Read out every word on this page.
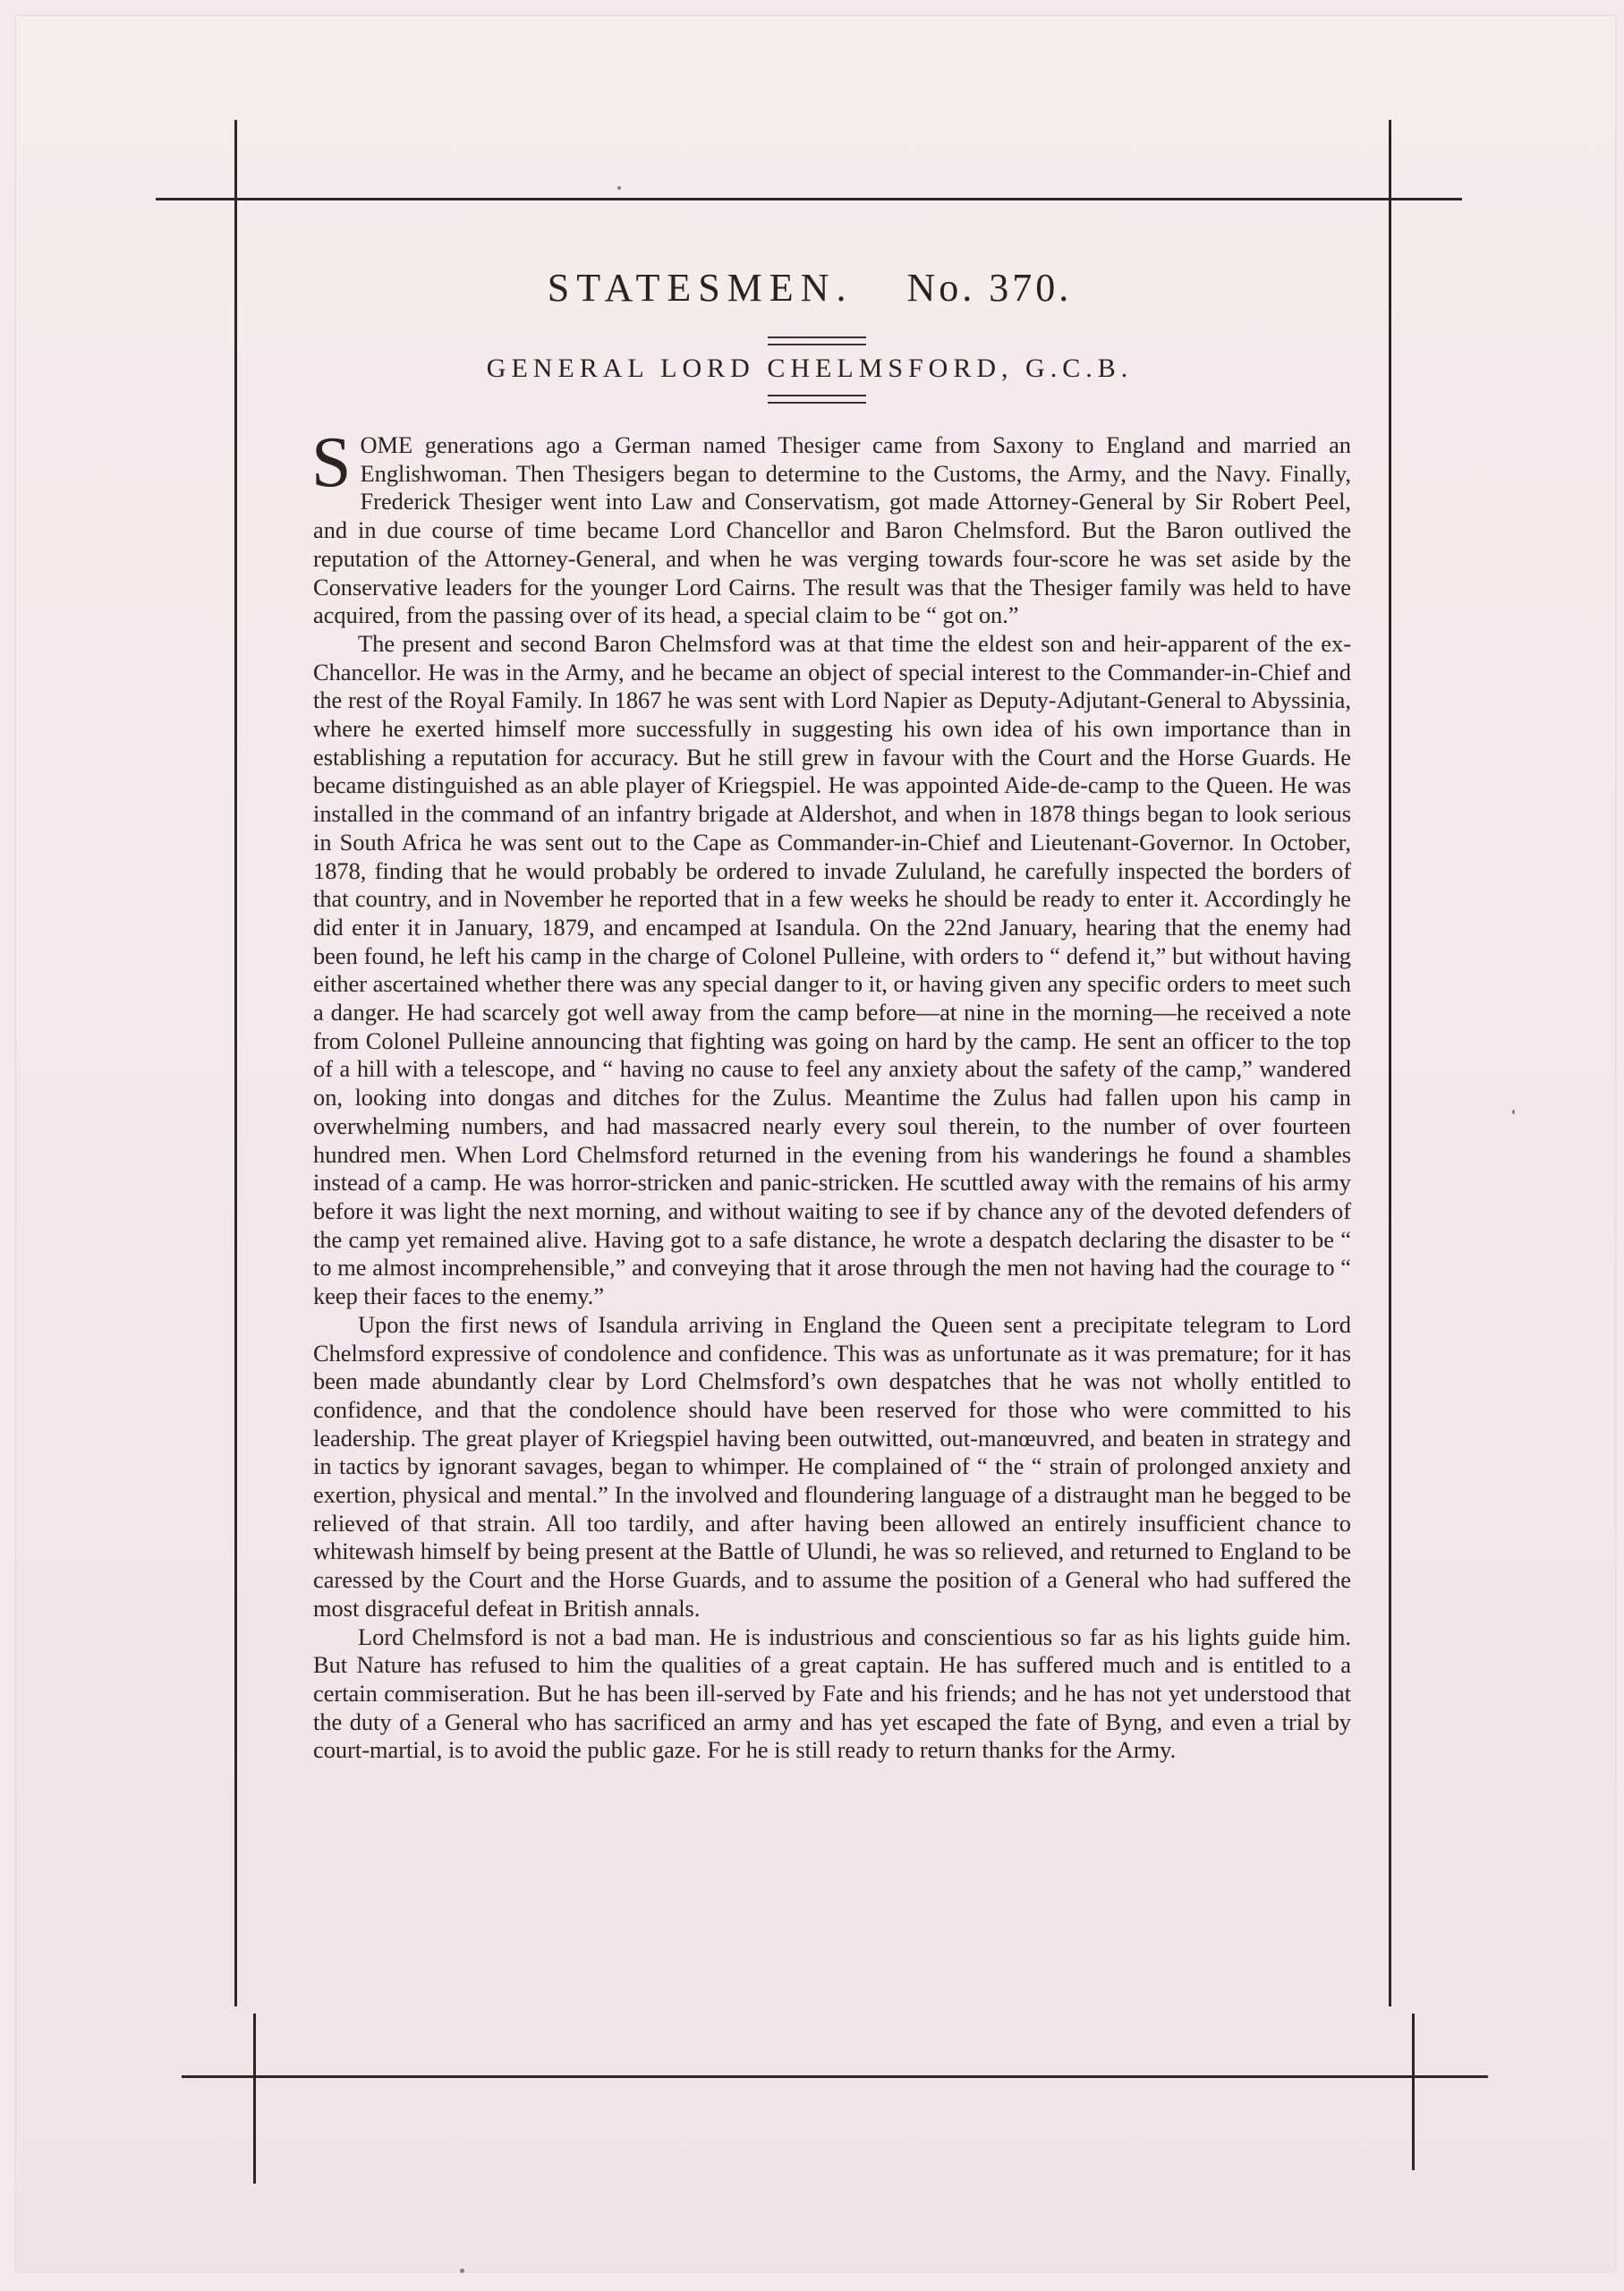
STATESMEN. No. 370.
GENERAL LORD CHELMSFORD, G.C.B.

SOME generations ago a German named Thesiger came from Saxony to England and married an Englishwoman. Then Thesigers began to determine to the Customs, the Army, and the Navy. Finally, Frederick Thesiger went into Law and Conservatism, got made Attorney-General by Sir Robert Peel, and in due course of time became Lord Chancellor and Baron Chelmsford. But the Baron outlived the reputation of the Attorney-General, and when he was verging towards four-score he was set aside by the Conservative leaders for the younger Lord Cairns. The result was that the Thesiger family was held to have acquired, from the passing over of its head, a special claim to be “ got on.”

The present and second Baron Chelmsford was at that time the eldest son and heir-apparent of the ex-Chancellor. He was in the Army, and he became an object of special interest to the Commander-in-Chief and the rest of the Royal Family. In 1867 he was sent with Lord Napier as Deputy-Adjutant-General to Abyssinia, where he exerted himself more successfully in suggesting his own idea of his own importance than in establishing a reputation for accuracy. But he still grew in favour with the Court and the Horse Guards. He became distinguished as an able player of Kriegspiel. He was appointed Aide-de-camp to the Queen. He was installed in the command of an infantry brigade at Aldershot, and when in 1878 things began to look serious in South Africa he was sent out to the Cape as Commander-in-Chief and Lieutenant-Governor. In October, 1878, finding that he would probably be ordered to invade Zululand, he carefully inspected the borders of that country, and in November he reported that in a few weeks he should be ready to enter it. Accordingly he did enter it in January, 1879, and encamped at Isandula. On the 22nd January, hearing that the enemy had been found, he left his camp in the charge of Colonel Pulleine, with orders to “ defend it,” but without having either ascertained whether there was any special danger to it, or having given any specific orders to meet such a danger. He had scarcely got well away from the camp before—at nine in the morning—he received a note from Colonel Pulleine announcing that fighting was going on hard by the camp. He sent an officer to the top of a hill with a telescope, and “ having no cause to feel any anxiety about the safety of the camp,” wandered on, looking into dongas and ditches for the Zulus. Meantime the Zulus had fallen upon his camp in overwhelming numbers, and had massacred nearly every soul therein, to the number of over fourteen hundred men. When Lord Chelmsford returned in the evening from his wanderings he found a shambles instead of a camp. He was horror-stricken and panic-stricken. He scuttled away with the remains of his army before it was light the next morning, and without waiting to see if by chance any of the devoted defenders of the camp yet remained alive. Having got to a safe distance, he wrote a despatch declaring the disaster to be “ to me almost incomprehensible,” and conveying that it arose through the men not having had the courage to “ keep their faces to the enemy.”

Upon the first news of Isandula arriving in England the Queen sent a precipitate telegram to Lord Chelmsford expressive of condolence and confidence. This was as unfortunate as it was premature; for it has been made abundantly clear by Lord Chelmsford’s own despatches that he was not wholly entitled to confidence, and that the condolence should have been reserved for those who were committed to his leadership. The great player of Kriegspiel having been outwitted, out-manœuvred, and beaten in strategy and in tactics by ignorant savages, began to whimper. He complained of “ the “ strain of prolonged anxiety and exertion, physical and mental.” In the involved and floundering language of a distraught man he begged to be relieved of that strain. All too tardily, and after having been allowed an entirely insufficient chance to whitewash himself by being present at the Battle of Ulundi, he was so relieved, and returned to England to be caressed by the Court and the Horse Guards, and to assume the position of a General who had suffered the most disgraceful defeat in British annals.

Lord Chelmsford is not a bad man. He is industrious and conscientious so far as his lights guide him. But Nature has refused to him the qualities of a great captain. He has suffered much and is entitled to a certain commiseration. But he has been ill-served by Fate and his friends; and he has not yet understood that the duty of a General who has sacrificed an army and has yet escaped the fate of Byng, and even a trial by court-martial, is to avoid the public gaze. For he is still ready to return thanks for the Army.
